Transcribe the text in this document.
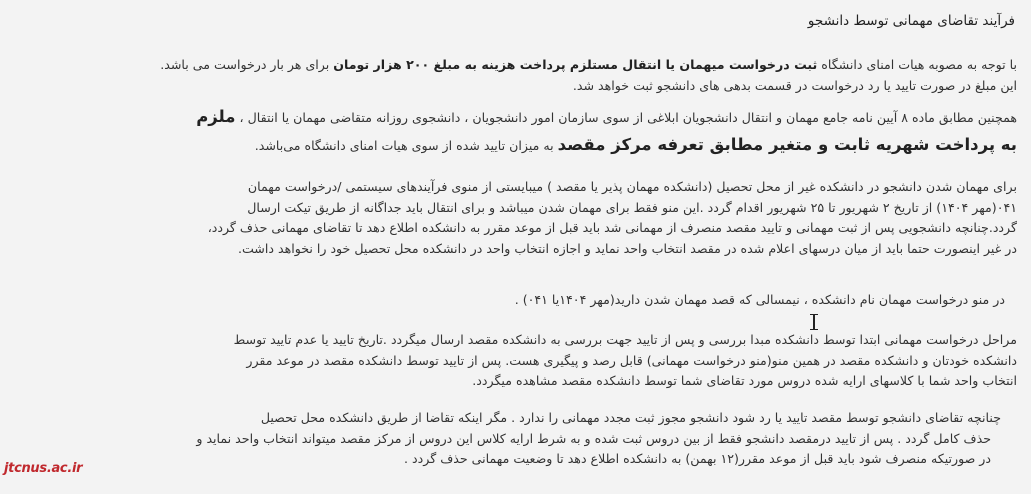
فرآیند تقاضای مهمانی توسط دانشجو
با توجه به مصوبه هیات امنای دانشگاه ثبت درخواست میهمان یا انتقال مستلزم پرداخت هزینه به مبلغ ۲۰۰ هزار تومان برای هر بار درخواست می باشد.
این مبلغ در صورت تایید یا رد درخواست در قسمت بدهی های دانشجو ثبت خواهد شد.
همچنین مطابق ماده ۸ آیین نامه جامع مهمان و انتقال دانشجویان ابلاغی از سوی سازمان امور دانشجویان ، دانشجوی روزانه متقاضی مهمان یا انتقال ، ملزم
به پرداخت شهریه ثابت و متغیر مطابق تعرفه مرکز مقصد به میزان تایید شده از سوی هیات امنای دانشگاه می‌باشد.
برای مهمان شدن دانشجو در دانشکده غیر از محل تحصیل (دانشکده مهمان پذیر یا مقصد ) میبایستی از منوی فرآیندهای سیستمی /درخواست مهمان
۰۴۱(مهر ۱۴۰۴) از تاریخ ۲ شهریور تا ۲۵ شهریور اقدام گردد .این منو فقط برای مهمان شدن میباشد و برای انتقال باید جداگانه از طریق تیکت ارسال
گردد.چنانچه دانشجویی پس از ثبت مهمانی و تایید مقصد منصرف از مهمانی شد باید قبل از موعد مقرر به دانشکده اطلاع دهد تا تقاضای مهمانی حذف گردد،
در غیر اینصورت حتما باید از میان درسهای اعلام شده در مقصد انتخاب واحد نماید و اجازه انتخاب واحد در دانشکده محل تحصیل خود را نخواهد داشت.
در منو درخواست مهمان نام دانشکده ، نیمسالی که قصد مهمان شدن دارید(مهر ۱۴۰۴یا ۰۴۱) .
مراحل درخواست مهمانی ابتدا توسط دانشکده مبدا بررسی و پس از تایید جهت بررسی به دانشکده مقصد ارسال میگردد .تاریخ تایید یا عدم تایید توسط
دانشکده خودتان و دانشکده مقصد در همین منو(منو درخواست مهمانی) قابل رصد و پیگیری هست. پس از تایید توسط دانشکده مقصد در موعد مقرر
انتخاب واحد شما با کلاسهای ارایه شده دروس مورد تقاضای شما توسط دانشکده مقصد مشاهده میگردد.
چنانچه تقاضای دانشجو توسط مقصد تایید یا رد شود دانشجو مجوز ثبت مجدد مهمانی را ندارد . مگر اینکه تقاضا از طریق دانشکده محل تحصیل
حذف کامل گردد . پس از تایید درمقصد دانشجو فقط از بین دروس ثبت شده و به شرط ارایه کلاس این دروس از مرکز مقصد میتواند انتخاب واحد نماید و
در صورتیکه منصرف شود باید قبل از موعد مقرر(۱۲ بهمن) به دانشکده اطلاع دهد تا وضعیت مهمانی حذف گردد .
jtcnus.ac.ir
